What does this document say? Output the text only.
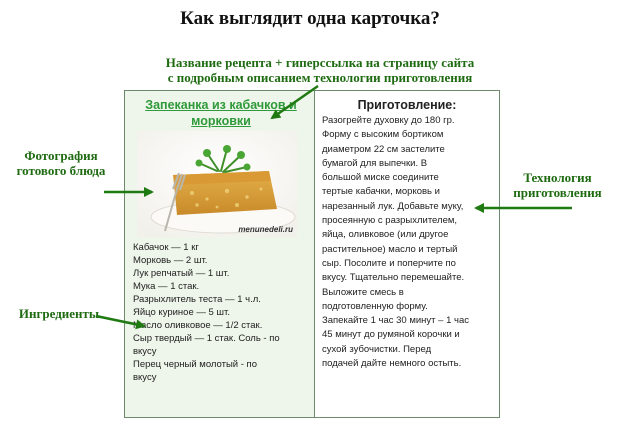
Как выглядит одна карточка?
Название рецепта + гиперссылка на страницу сайта
с подробным описанием технологии приготовления
Фотография
готового блюда	Технология
приготовления
Ингредиенты
Запеканка из кабачков и
морковки
menunedeli.ru
Кабачок — 1 кг
Морковь — 2 шт.
Лук репчатый — 1 шт.
Мука — 1 стак.
Разрыхлитель теста — 1 ч.л.
Яйцо куриное — 5 шт.
Масло оливковое — 1/2 стак.
Сыр твердый — 1 стак. Соль - по
вкусу
Перец черный молотый - по
вкусу
Приготовление:
Разогрейте духовку до 180 гр.
Форму с высоким бортиком
диаметром 22 см застелите
бумагой для выпечки. В
большой миске соедините
тертые кабачки, морковь и
нарезанный лук. Добавьте муку,
просеянную с разрыхлителем,
яйца, оливковое (или другое
растительное) масло и тертый
сыр. Посолите и поперчите по
вкусу. Тщательно перемешайте.
Выложите смесь в
подготовленную форму.
Запекайте 1 час 30 минут – 1 час
45 минут до румяной корочки и
сухой зубочистки. Перед
подачей дайте немного остыть.
